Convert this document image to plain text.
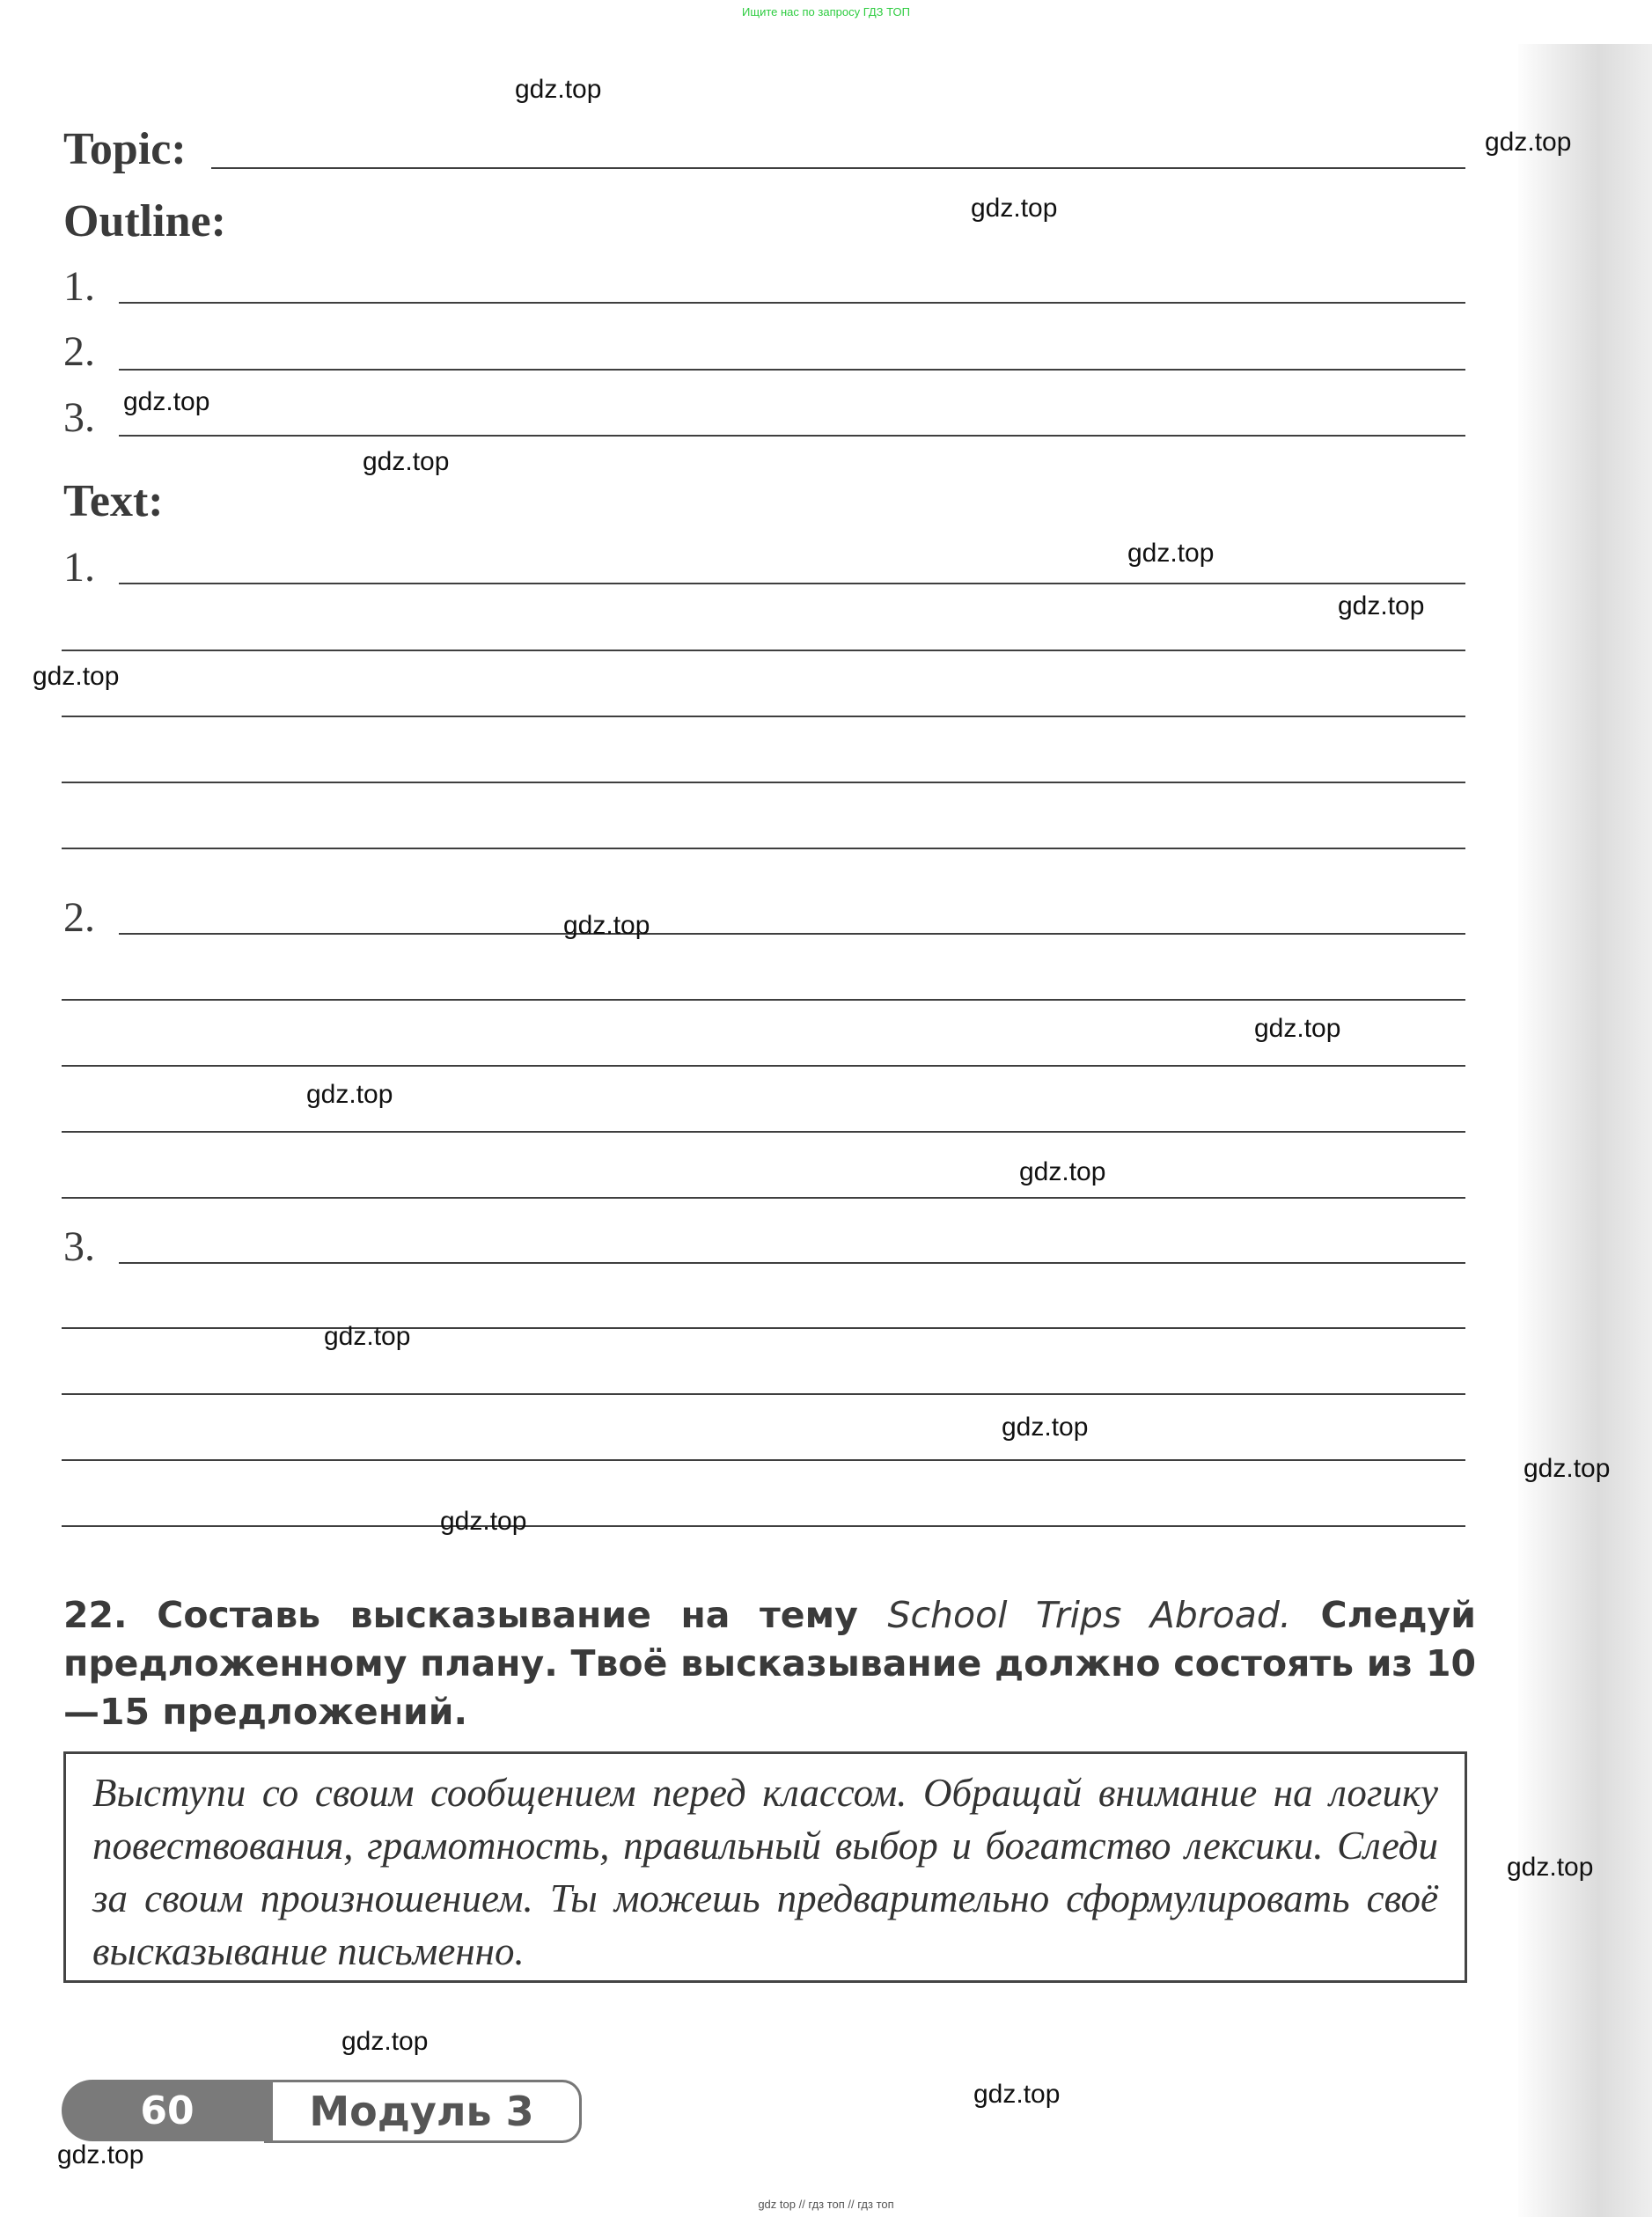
Ищите нас по запросу ГДЗ ТОП
Topic:
Outline:
1.
2.
3.
Text:
1.
2.
3.
22. Составь высказывание на тему School Trips Abroad. Следуй предложенному плану. Твоё высказывание должно состоять из 10—15 предложений.

Выступи со своим сообщением перед классом. Обращай внимание на логику повествования, грамотность, правильный выбор и богатство лексики. Следи за своим произношением. Ты можешь предварительно сформулировать своё высказывание письменно.

Модуль 3
60
gdz top // гдз топ // гдз топ
gdz.top
gdz.top
gdz.top
gdz.top
gdz.top
gdz.top
gdz.top
gdz.top
gdz.top
gdz.top
gdz.top
gdz.top
gdz.top
gdz.top
gdz.top
gdz.top
gdz.top
gdz.top
gdz.top
gdz.top
